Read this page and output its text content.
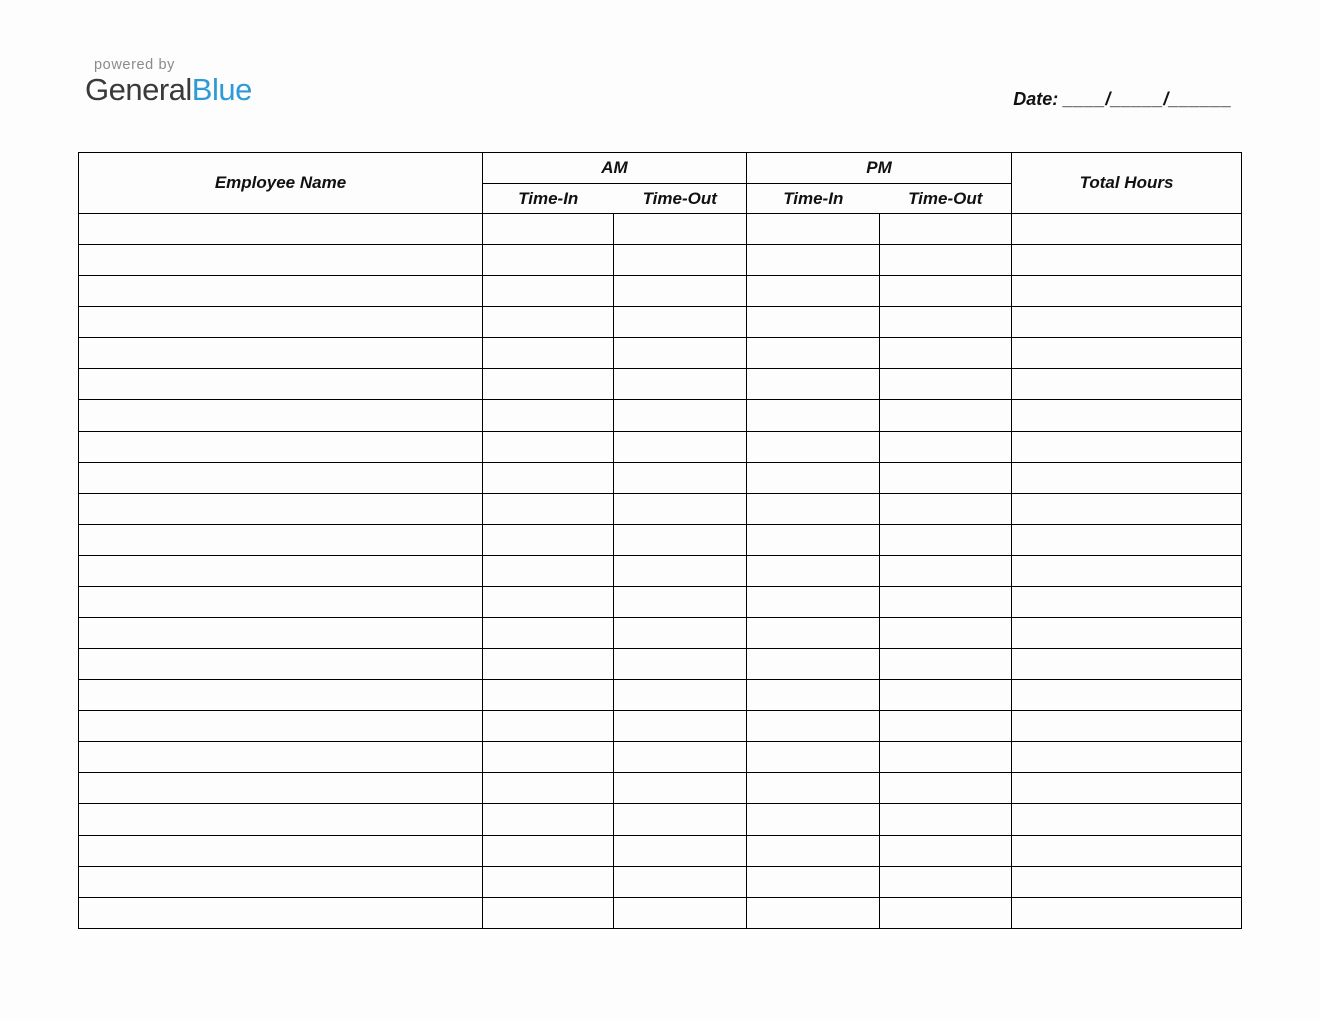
powered by
GeneralBlue	Date: ____/_____/______
Employee Name	AM		PM		Total Hours
	Time-In	Time-Out	Time-In	Time-Out	
